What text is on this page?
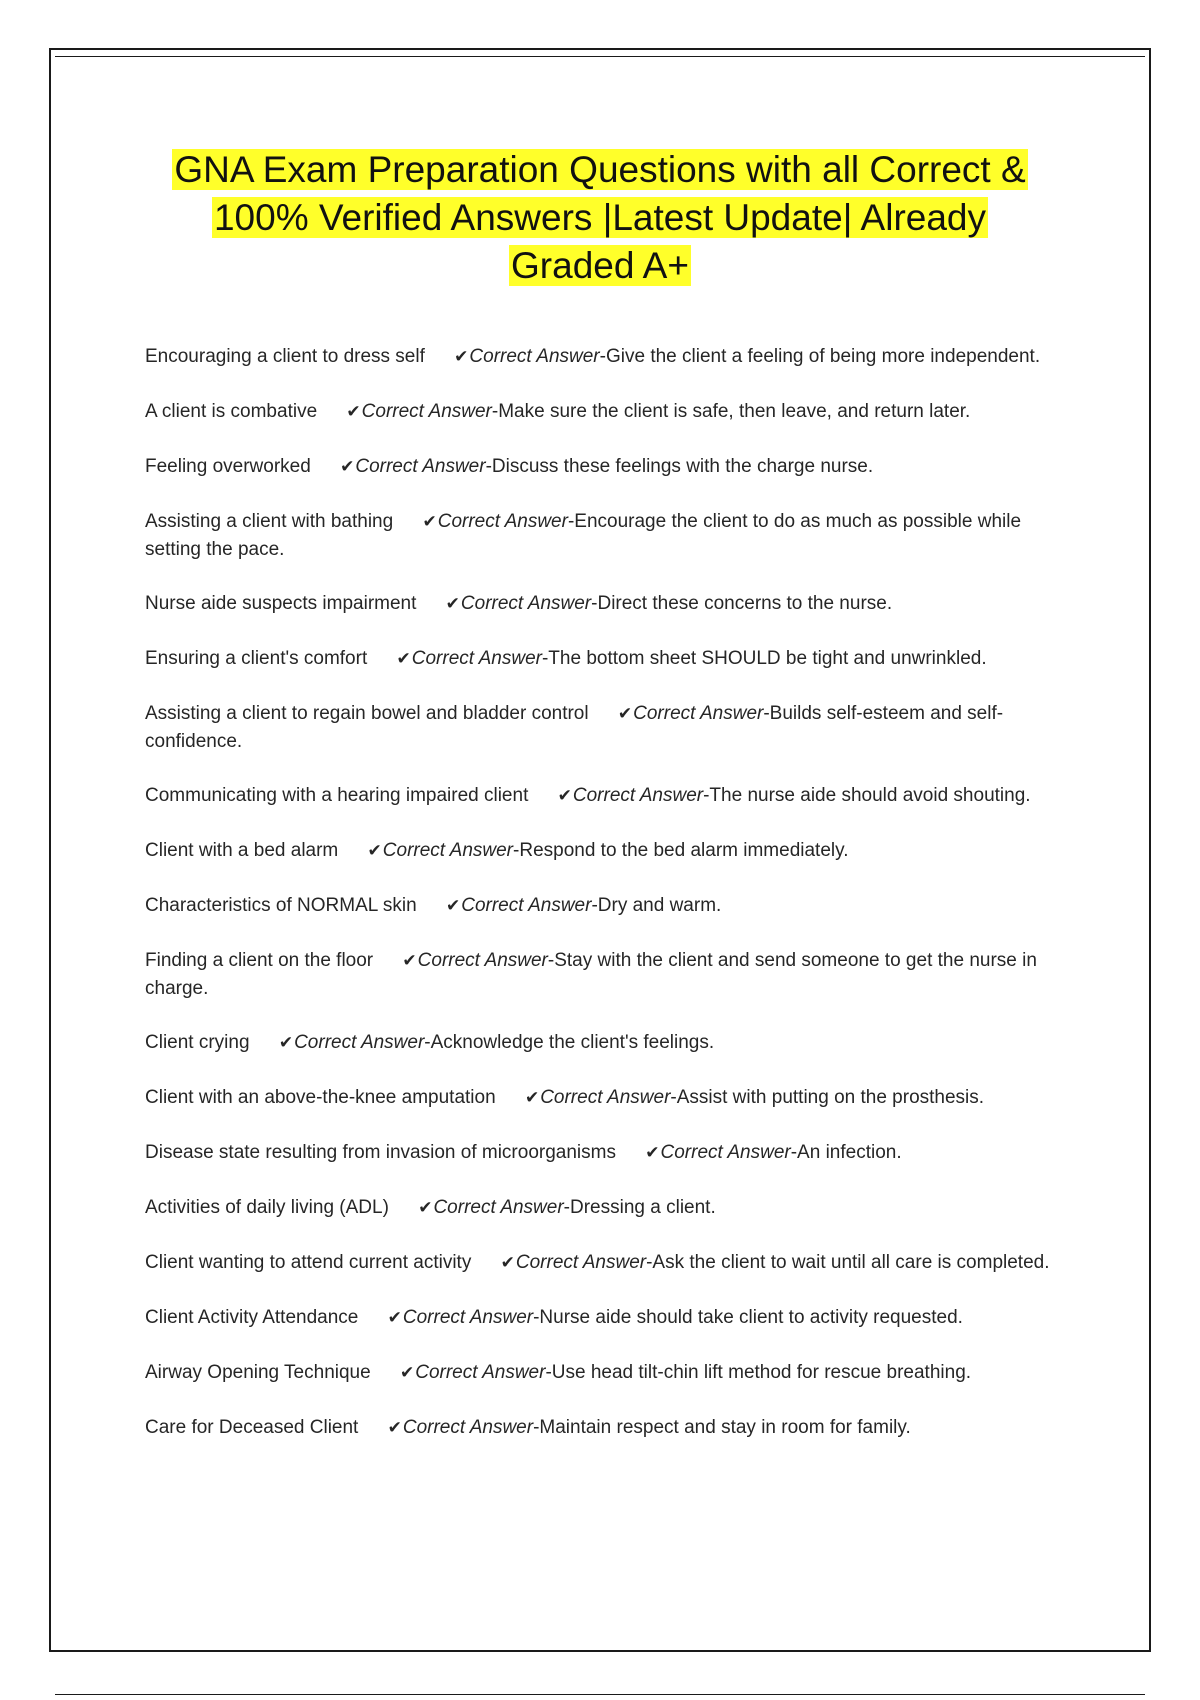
GNA Exam Preparation Questions with all Correct &
100% Verified Answers |Latest Update| Already
Graded A+
Encouraging a client to dress self ✔Correct Answer-Give the client a feeling of being more independent.
A client is combative ✔Correct Answer-Make sure the client is safe, then leave, and return later.
Feeling overworked ✔Correct Answer-Discuss these feelings with the charge nurse.
Assisting a client with bathing ✔Correct Answer-Encourage the client to do as much as possible while setting the pace.
Nurse aide suspects impairment ✔Correct Answer-Direct these concerns to the nurse.
Ensuring a client's comfort ✔Correct Answer-The bottom sheet SHOULD be tight and unwrinkled.
Assisting a client to regain bowel and bladder control ✔Correct Answer-Builds self-esteem and self-confidence.
Communicating with a hearing impaired client ✔Correct Answer-The nurse aide should avoid shouting.
Client with a bed alarm ✔Correct Answer-Respond to the bed alarm immediately.
Characteristics of NORMAL skin ✔Correct Answer-Dry and warm.
Finding a client on the floor ✔Correct Answer-Stay with the client and send someone to get the nurse in charge.
Client crying ✔Correct Answer-Acknowledge the client's feelings.
Client with an above-the-knee amputation ✔Correct Answer-Assist with putting on the prosthesis.
Disease state resulting from invasion of microorganisms ✔Correct Answer-An infection.
Activities of daily living (ADL) ✔Correct Answer-Dressing a client.
Client wanting to attend current activity ✔Correct Answer-Ask the client to wait until all care is completed.
Client Activity Attendance ✔Correct Answer-Nurse aide should take client to activity requested.
Airway Opening Technique ✔Correct Answer-Use head tilt-chin lift method for rescue breathing.
Care for Deceased Client ✔Correct Answer-Maintain respect and stay in room for family.
